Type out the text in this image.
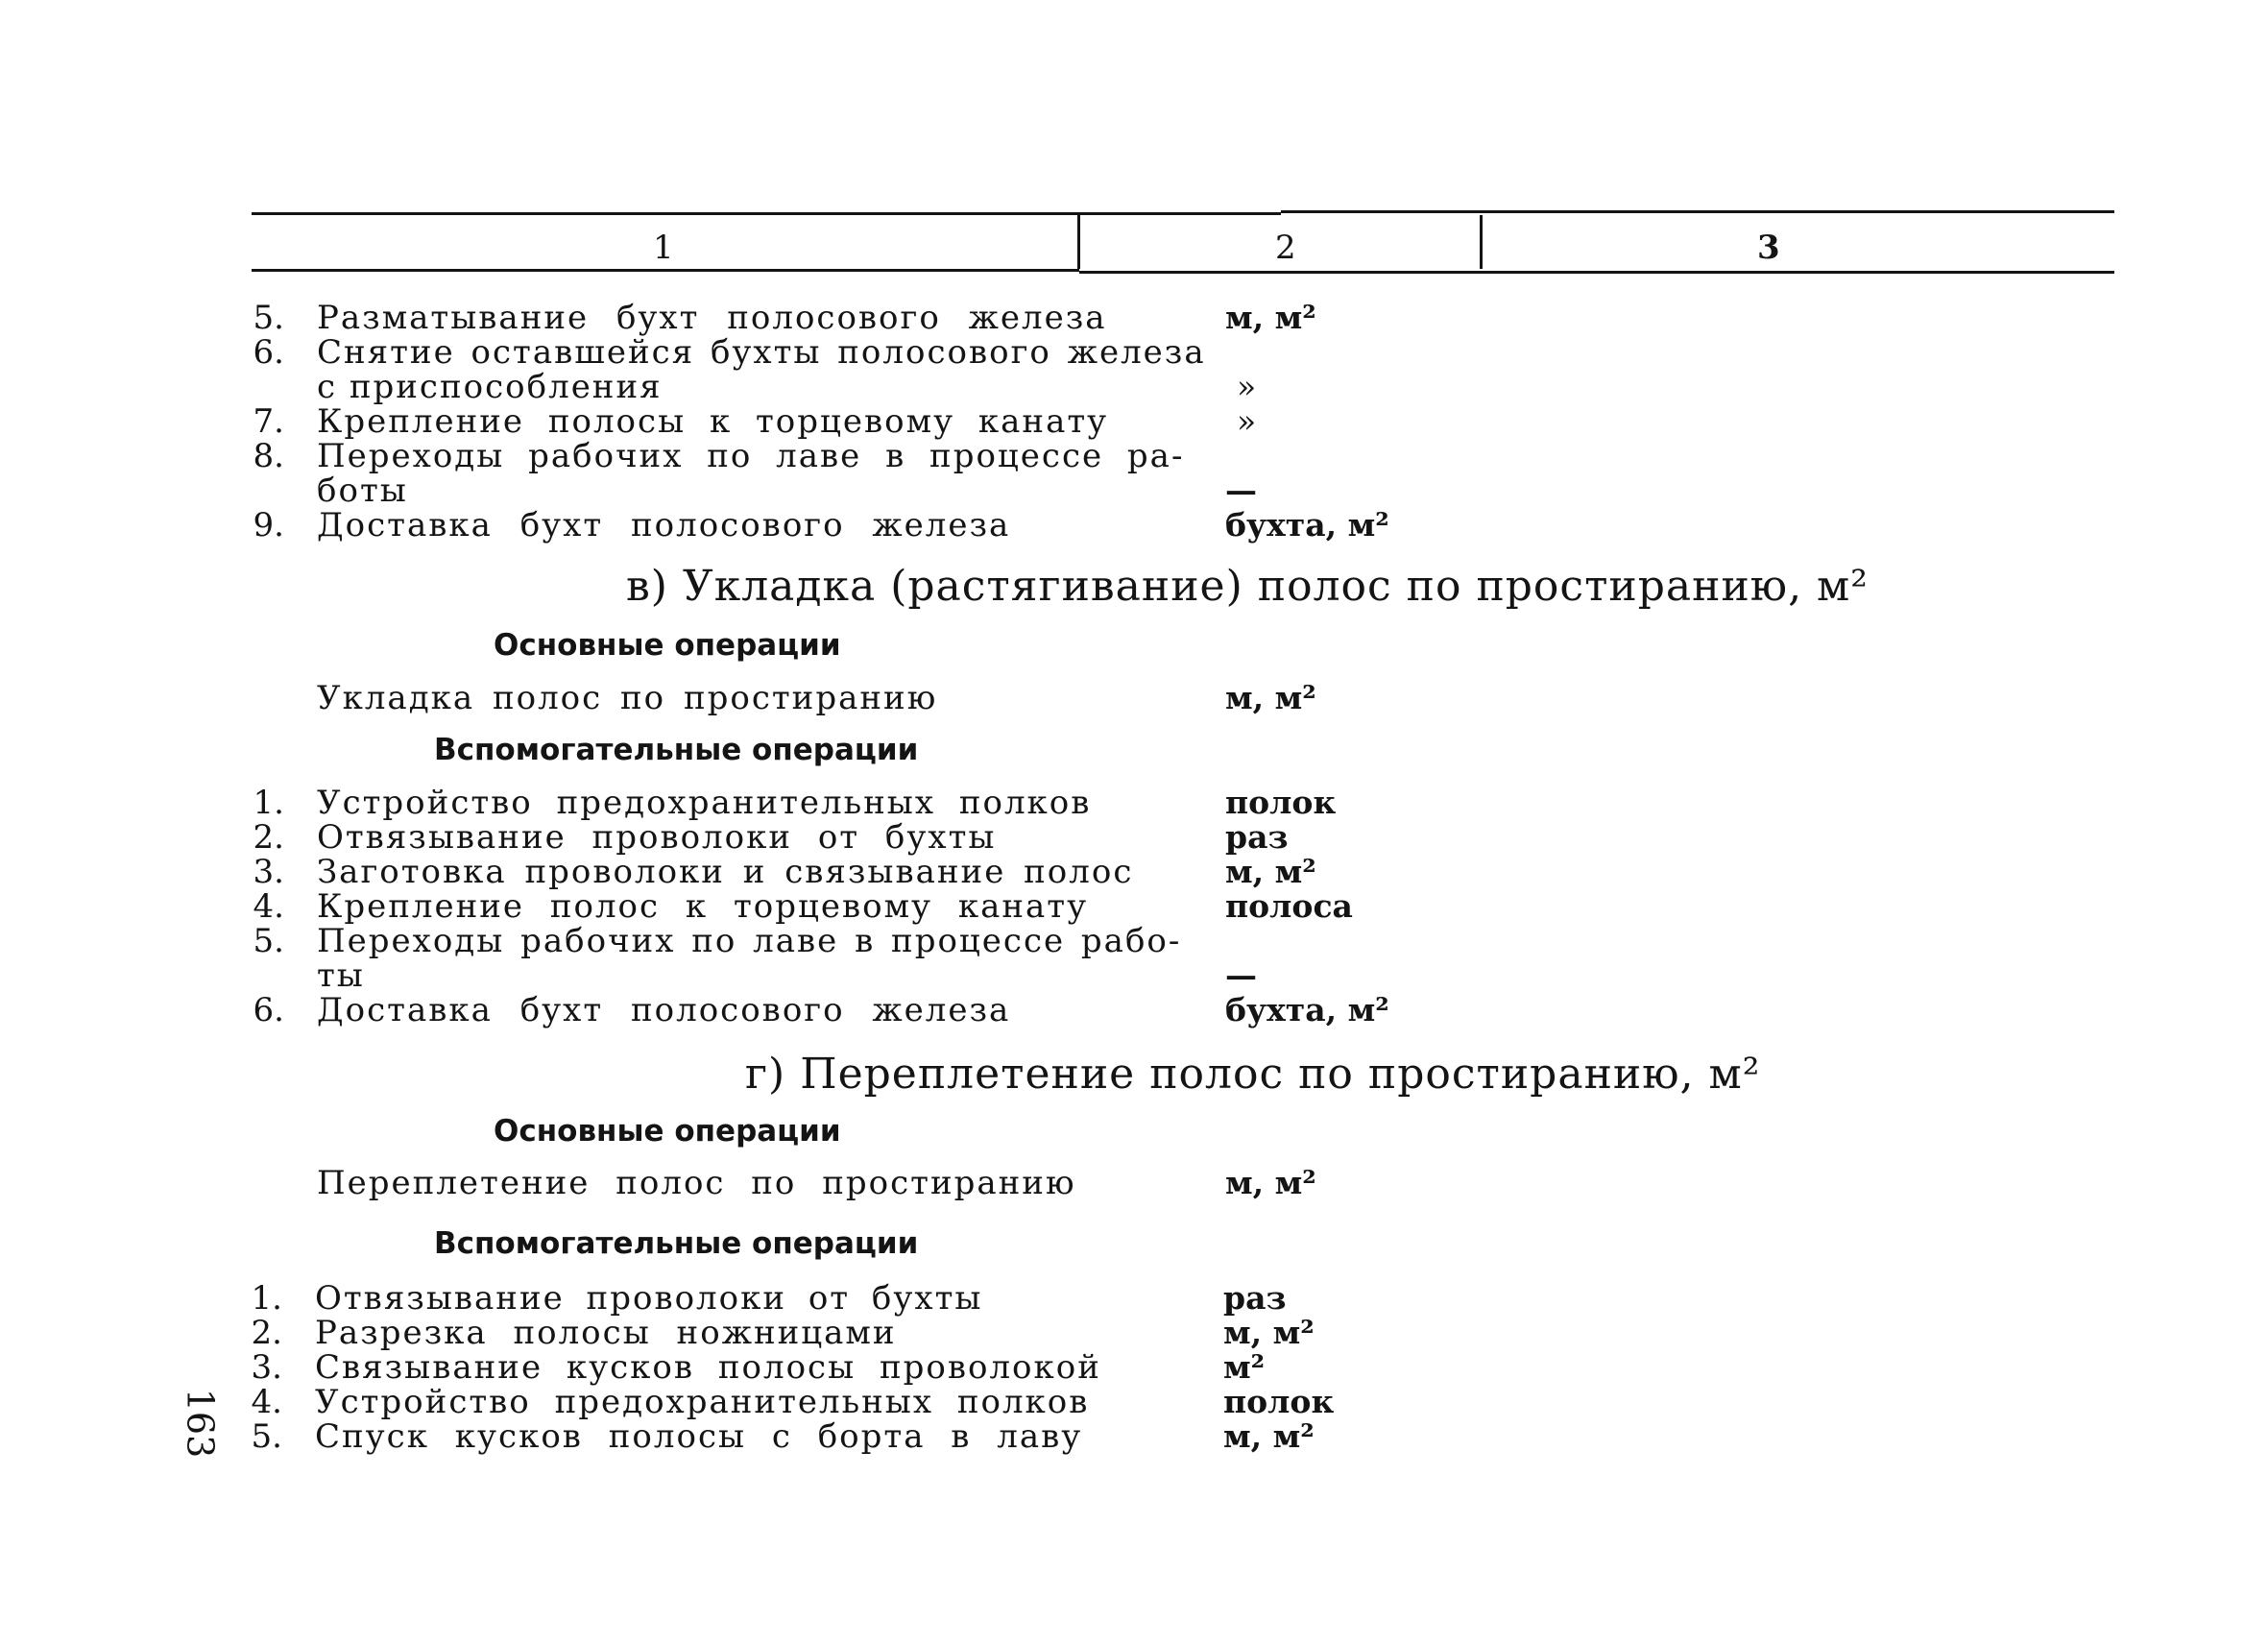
1	2	3
5. Разматывание бухт полосового железа	м, м²
6. Снятие оставшейся бухты полосового железа
с приспособления	»
7. Крепление полосы к торцевому канату	»
8. Переходы рабочих по лаве в процессе ра-
боты	—
9. Доставка бухт полосового железа	бухта, м²
в) Укладка (растягивание) полос по простиранию, м²
Основные операции
Укладка полос по простиранию	м, м²
Вспомогательные операции
1. Устройство предохранительных полков	полок
2. Отвязывание проволоки от бухты	раз
3. Заготовка проволоки и связывание полос	м, м²
4. Крепление полос к торцевому канату	полоса
5. Переходы рабочих по лаве в процессе рабо-
ты	—
6. Доставка бухт полосового железа	бухта, м²
г) Переплетение полос по простиранию, м²
Основные операции
Переплетение полос по простиранию	м, м²
Вспомогательные операции
1. Отвязывание проволоки от бухты	раз
2. Разрезка полосы ножницами	м, м²
3. Связывание кусков полосы проволокой	м²
4. Устройство предохранительных полков	полок
5. Спуск кусков полосы с борта в лаву	м, м²
163
